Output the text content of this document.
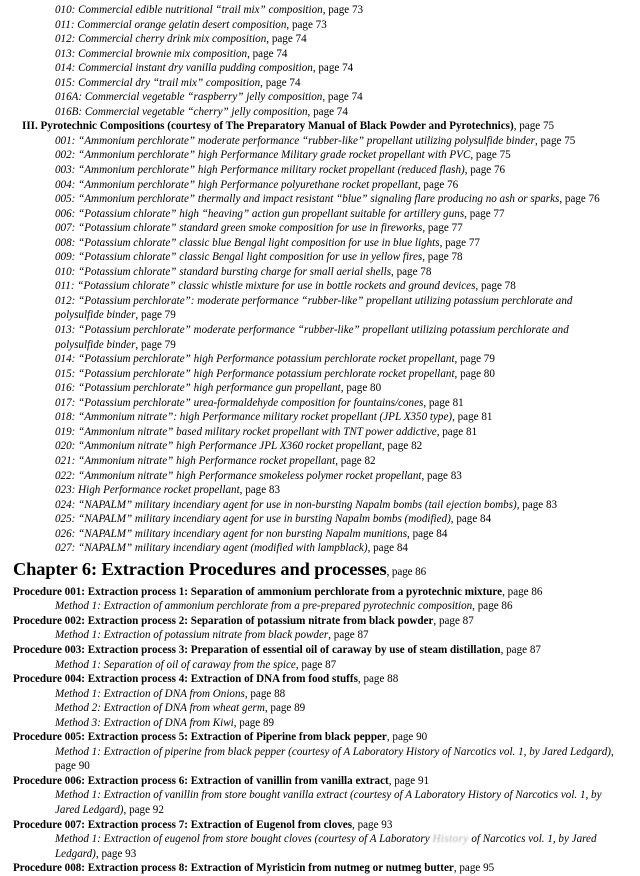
010: Commercial edible nutritional “trail mix” composition, page 73
011: Commercial orange gelatin desert composition, page 73
012: Commercial cherry drink mix composition, page 74
013: Commercial brownie mix composition, page 74
014: Commercial instant dry vanilla pudding composition, page 74
015: Commercial dry “trail mix” composition, page 74
016A: Commercial vegetable “raspberry” jelly composition, page 74
016B: Commercial vegetable “cherry” jelly composition, page 74
III. Pyrotechnic Compositions (courtesy of The Preparatory Manual of Black Powder and Pyrotechnics), page 75
001: “Ammonium perchlorate” moderate performance “rubber-like” propellant utilizing polysulfide binder, page 75
002: “Ammonium perchlorate” high Performance Military grade rocket propellant with PVC, page 75
003: “Ammonium perchlorate” high Performance military rocket propellant (reduced flash), page 76
004: “Ammonium perchlorate” high Performance polyurethane rocket propellant, page 76
005: “Ammonium perchlorate” thermally and impact resistant “blue” signaling flare producing no ash or sparks, page 76
006: “Potassium chlorate” high “heaving” action gun propellant suitable for artillery guns, page 77
007: “Potassium chlorate” standard green smoke composition for use in fireworks, page 77
008: “Potassium chlorate” classic blue Bengal light composition for use in blue lights, page 77
009: “Potassium chlorate” classic Bengal light composition for use in yellow fires, page 78
010: “Potassium chlorate” standard bursting charge for small aerial shells, page 78
011: “Potassium chlorate” classic whistle mixture for use in bottle rockets and ground devices, page 78
012: “Potassium perchlorate”: moderate performance “rubber-like” propellant utilizing potassium perchlorate and polysulfide binder, page 79
013: “Potassium perchlorate” moderate performance “rubber-like” propellant utilizing potassium perchlorate and polysulfide binder, page 79
014: “Potassium perchlorate” high Performance potassium perchlorate rocket propellant, page 79
015: “Potassium perchlorate” high Performance potassium perchlorate rocket propellant, page 80
016: “Potassium perchlorate” high performance gun propellant, page 80
017: “Potassium perchlorate” urea-formaldehyde composition for fountains/cones, page 81
018: “Ammonium nitrate”: high Performance military rocket propellant (JPL X350 type), page 81
019: “Ammonium nitrate” based military rocket propellant with TNT power addictive, page 81
020: “Ammonium nitrate” high Performance JPL X360 rocket propellant, page 82
021: “Ammonium nitrate” high Performance rocket propellant, page 82
022: “Ammonium nitrate” high Performance smokeless polymer rocket propellant, page 83
023: High Performance rocket propellant, page 83
024: “NAPALM” military incendiary agent for use in non-bursting Napalm bombs (tail ejection bombs), page 83
025: “NAPALM” military incendiary agent for use in bursting Napalm bombs (modified), page 84
026: “NAPALM” military incendiary agent for non bursting Napalm munitions, page 84
027: “NAPALM” military incendiary agent (modified with lampblack), page 84
Chapter 6: Extraction Procedures and processes, page 86
Procedure 001: Extraction process 1: Separation of ammonium perchlorate from a pyrotechnic mixture, page 86
Method 1: Extraction of ammonium perchlorate from a pre-prepared pyrotechnic composition, page 86
Procedure 002: Extraction process 2: Separation of potassium nitrate from black powder, page 87
Method 1: Extraction of potassium nitrate from black powder, page 87
Procedure 003: Extraction process 3: Preparation of essential oil of caraway by use of steam distillation, page 87
Method 1: Separation of oil of caraway from the spice, page 87
Procedure 004: Extraction process 4: Extraction of DNA from food stuffs, page 88
Method 1: Extraction of DNA from Onions, page 88
Method 2: Extraction of DNA from wheat germ, page 89
Method 3: Extraction of DNA from Kiwi, page 89
Procedure 005: Extraction process 5: Extraction of Piperine from black pepper, page 90
Method 1: Extraction of piperine from black pepper (courtesy of A Laboratory History of Narcotics vol. 1, by Jared Ledgard), page 90
Procedure 006: Extraction process 6: Extraction of vanillin from vanilla extract, page 91
Method 1: Extraction of vanillin from store bought vanilla extract (courtesy of A Laboratory History of Narcotics vol. 1, by Jared Ledgard), page 92
Procedure 007: Extraction process 7: Extraction of Eugenol from cloves, page 93
Method 1: Extraction of eugenol from store bought cloves (courtesy of A Laboratory History of Narcotics vol. 1, by Jared Ledgard), page 93
Procedure 008: Extraction process 8: Extraction of Myristicin from nutmeg or nutmeg butter, page 95
